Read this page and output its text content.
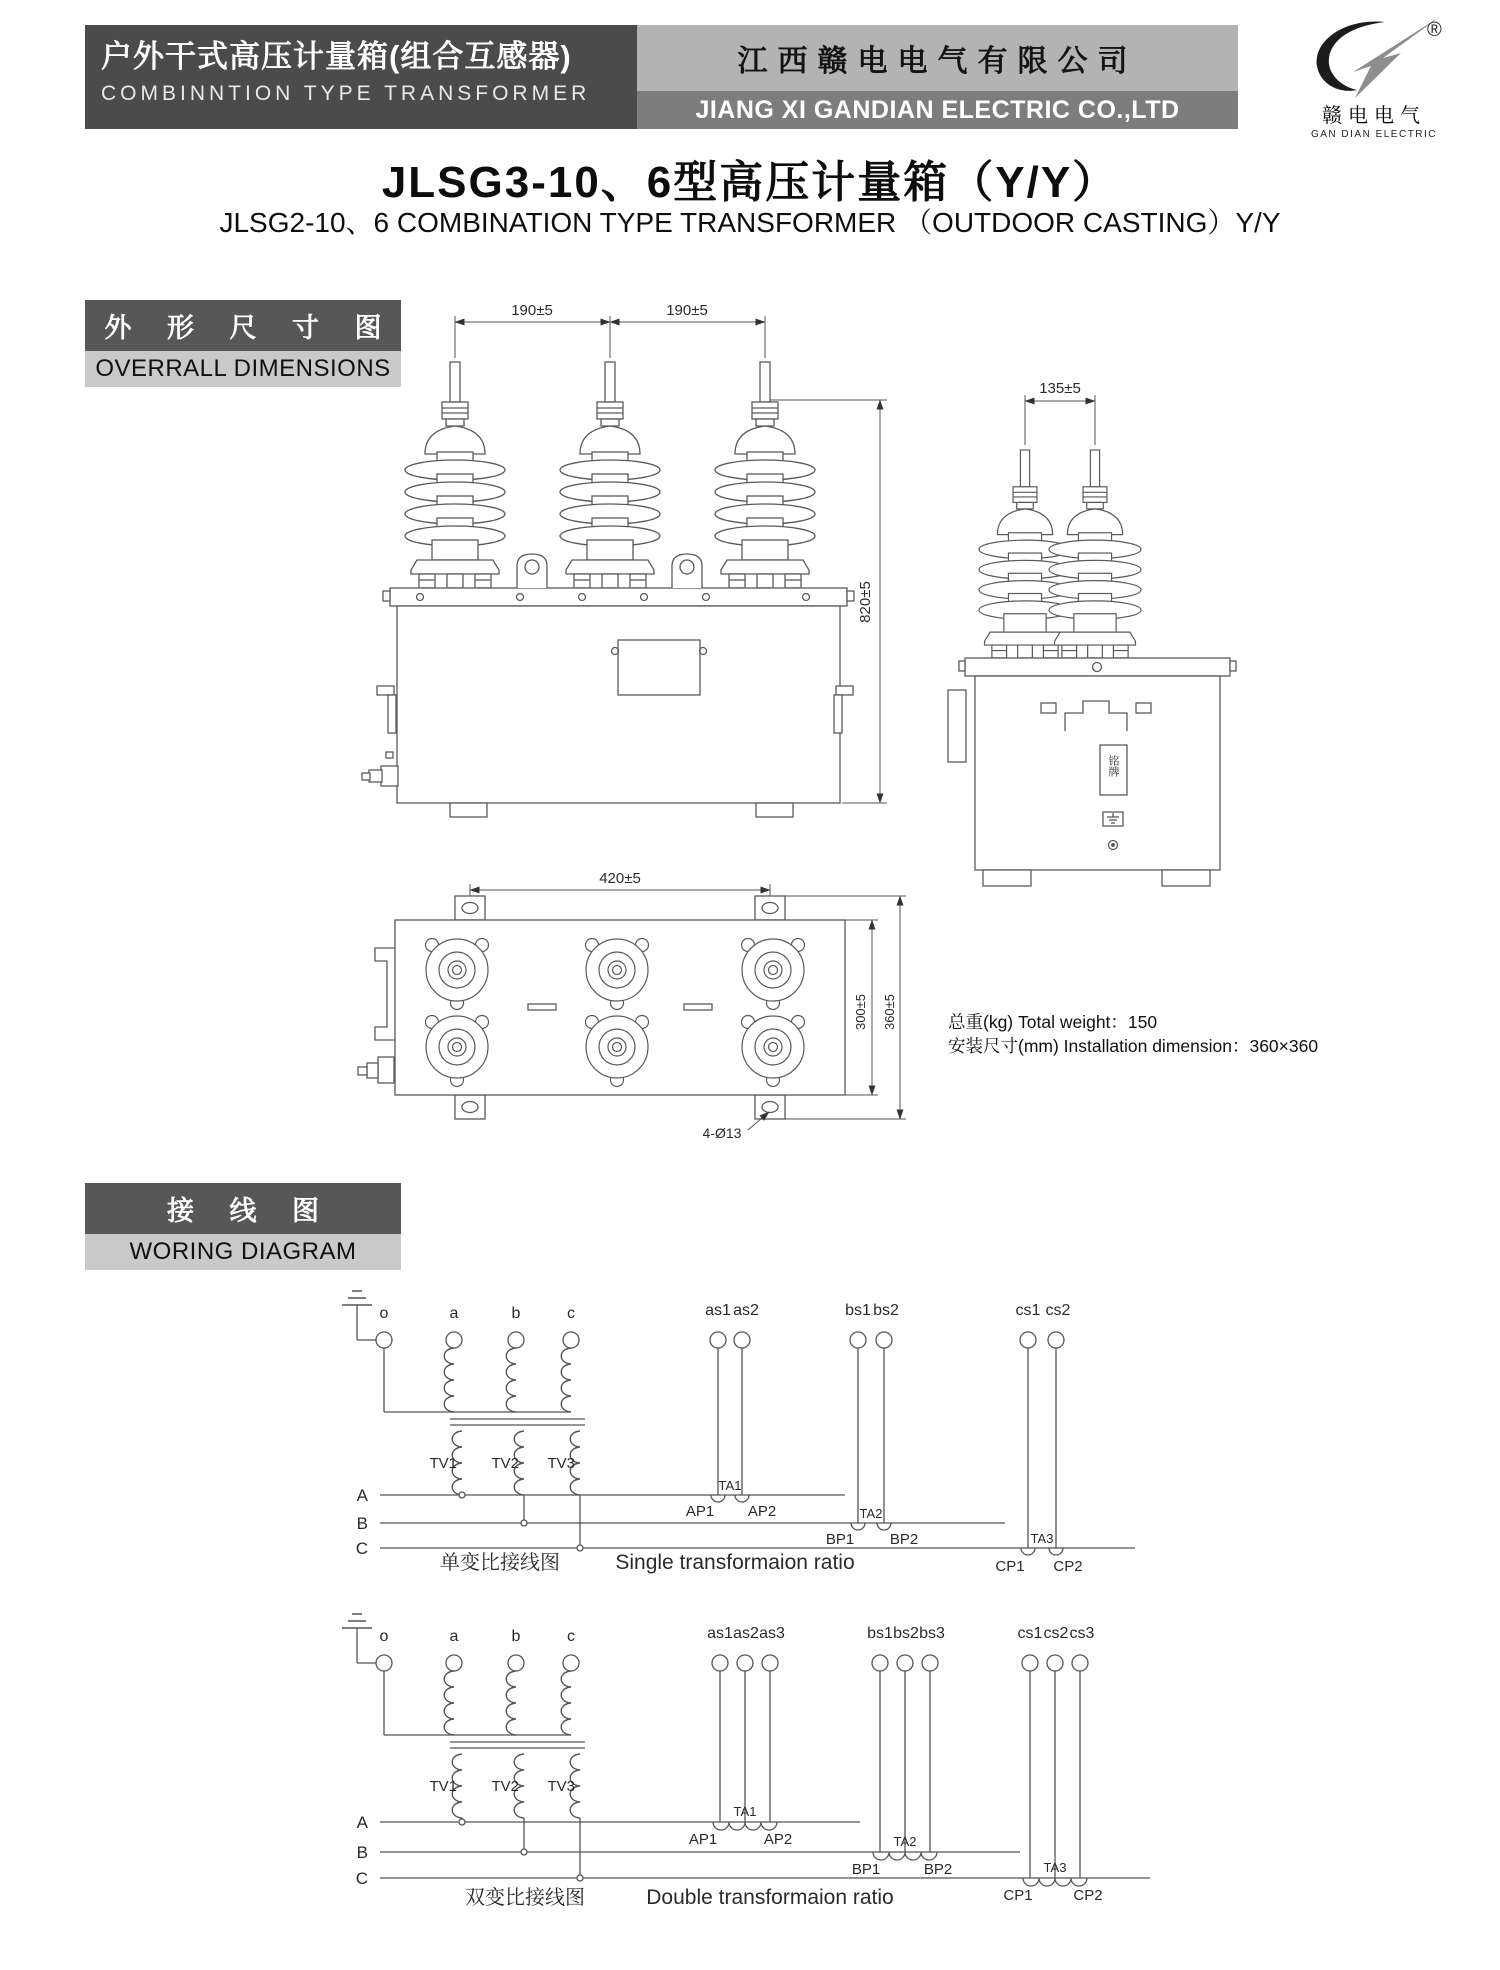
户外干式高压计量箱(组合互感器)
COMBINNTION TYPE TRANSFORMER
江西赣电电气有限公司
JIANG XI GANDIAN ELECTRIC CO.,LTD
®
赣电电气
GAN DIAN ELECTRIC
JLSG3-10、6型高压计量箱（Y/Y）
JLSG2-10、6 COMBINATION TYPE TRANSFORMER （OUTDOOR CASTING）Y/Y
外 形 尺 寸 图
OVERRALL DIMENSIONS
接 线 图
WORING DIAGRAM
190±5	190±5
820±5
铭牌
135±5
420±5
300±5 360±5
4-Ø13
总重(kg) Total weight：150
安装尺寸(mm) Installation dimension：360×360
o	a	b	c	as1 as2	bs1 bs2	cs1 cs2
TV1 TV2 TV3
A
B
C
TA1
TA2
TA3
AP1 AP2
BP1 BP2
CP1 CP2
单变比接线图	Single transformaion ratio
o	a	b	c	as1 as2 as3	bs1 bs2 bs3	cs1 cs2 cs3
TV1 TV2 TV3
A
B
C
TA1
TA2
TA3
AP1	AP2
BP1	BP2
CP1	CP2
双变比接线图	Double transformaion ratio
